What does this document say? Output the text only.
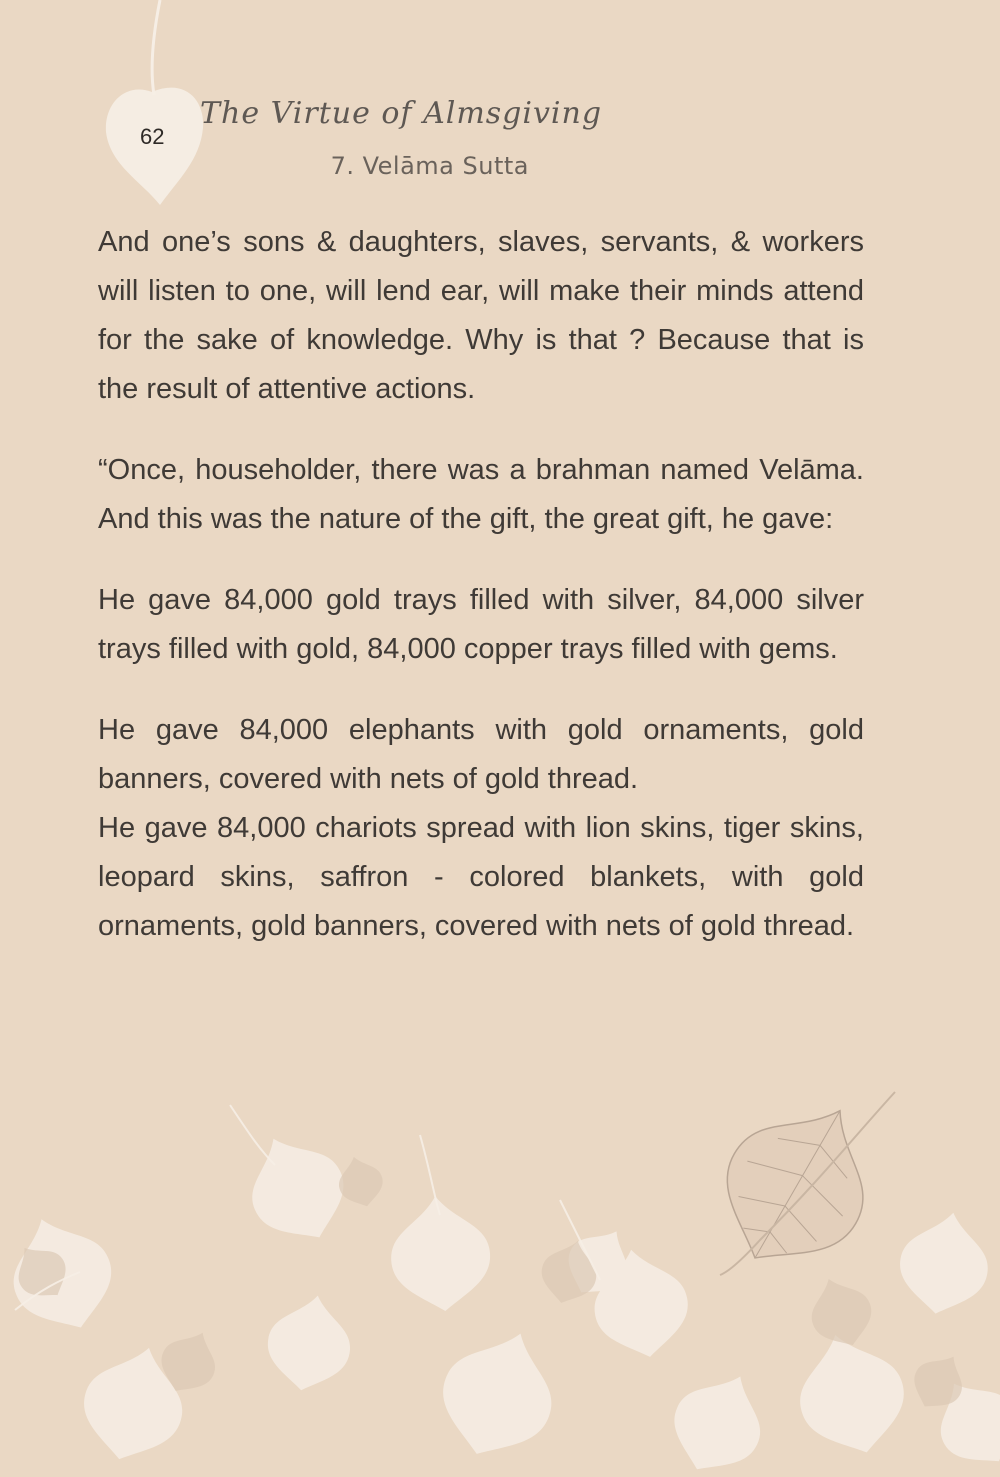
62
The Virtue of Almsgiving
7. Velāma Sutta

And one’s sons & daughters, slaves, servants, & workers will listen to one, will lend ear, will make their minds attend for the sake of knowledge. Why is that ? Because that is the result of attentive actions.

“Once, householder, there was a brahman named Velāma. And this was the nature of the gift, the great gift, he gave:

He gave 84,000 gold trays filled with silver, 84,000 silver trays filled with gold, 84,000 copper trays filled with gems.

He gave 84,000 elephants with gold ornaments, gold banners, covered with nets of gold thread.

He gave 84,000 chariots spread with lion skins, tiger skins, leopard skins, saffron - colored blankets, with gold ornaments, gold banners, covered with nets of gold thread.
